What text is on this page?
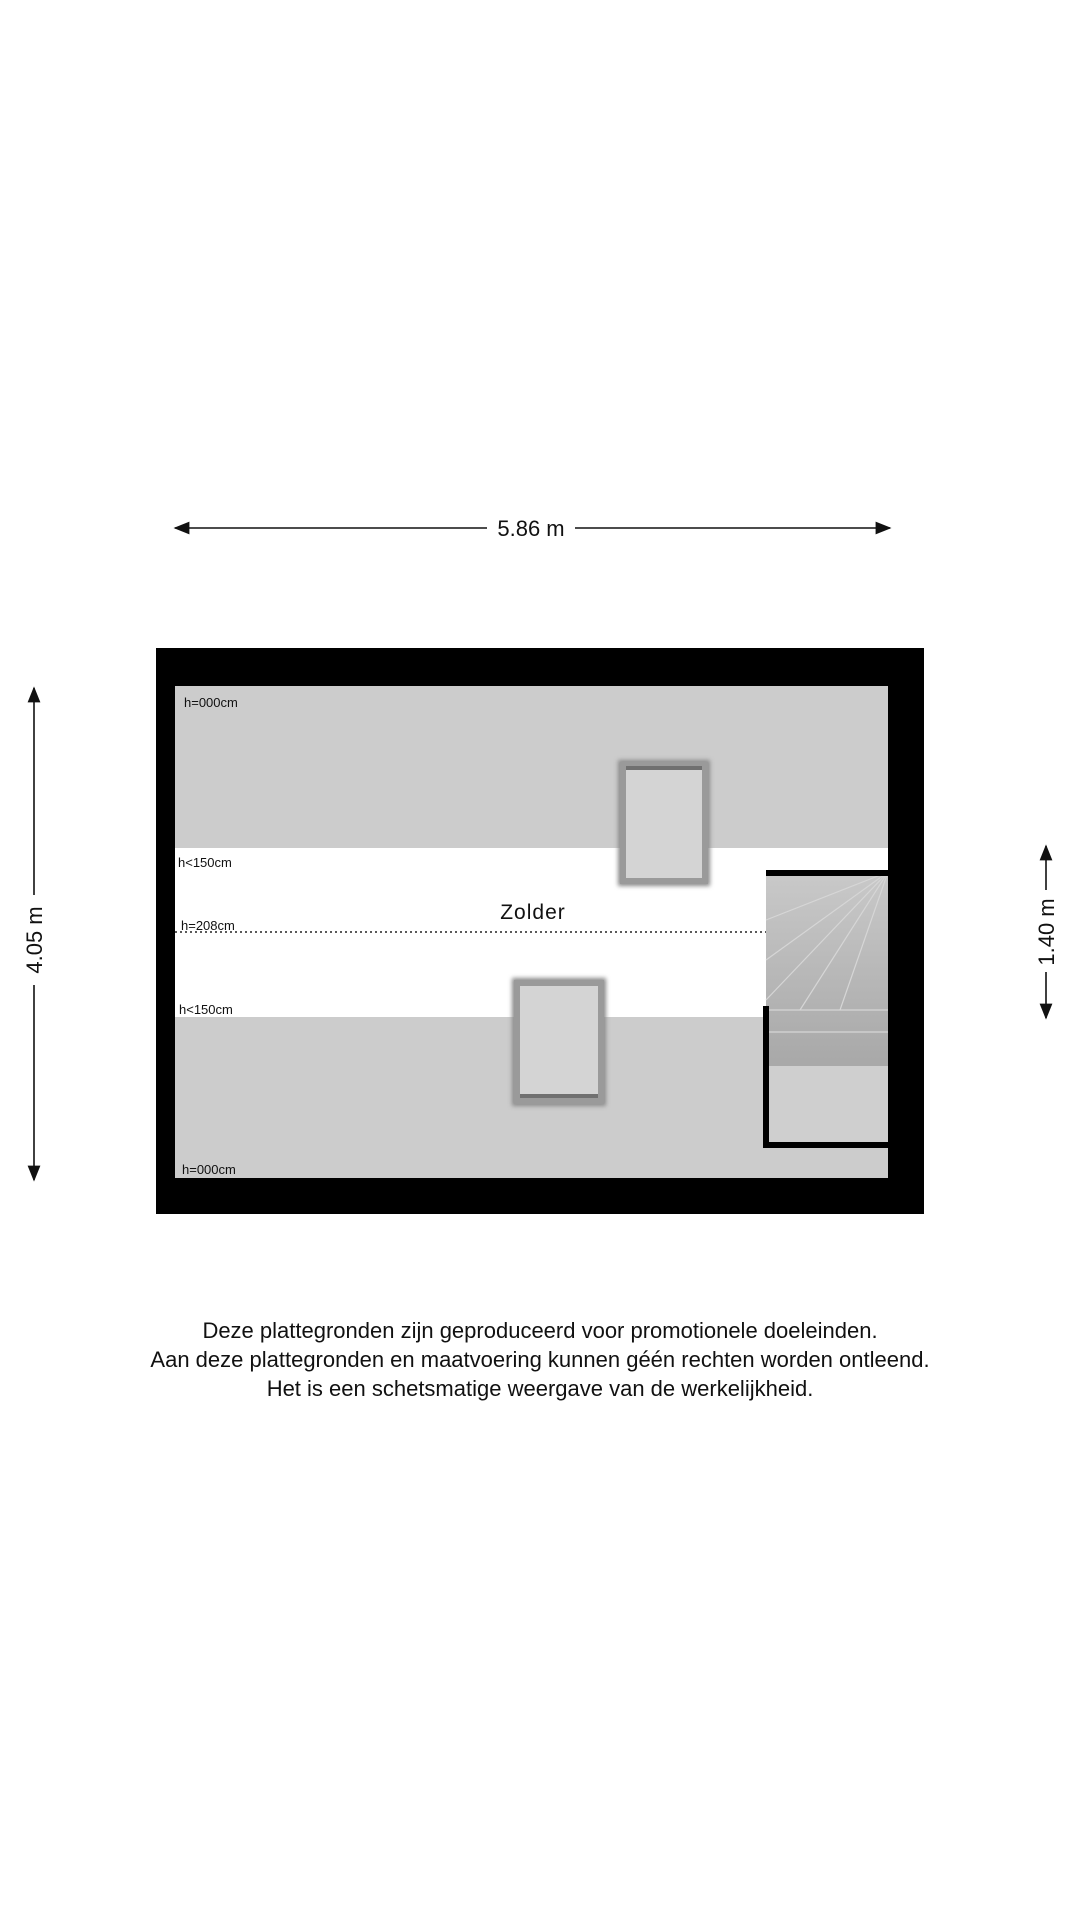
5.86 m
4.05 m	1.40 m
Zolder
h=000cm
h<150cm
h=208cm
h<150cm
h=000cm
Deze plattegronden zijn geproduceerd voor promotionele doeleinden.
Aan deze plattegronden en maatvoering kunnen géén rechten worden ontleend.
Het is een schetsmatige weergave van de werkelijkheid.
